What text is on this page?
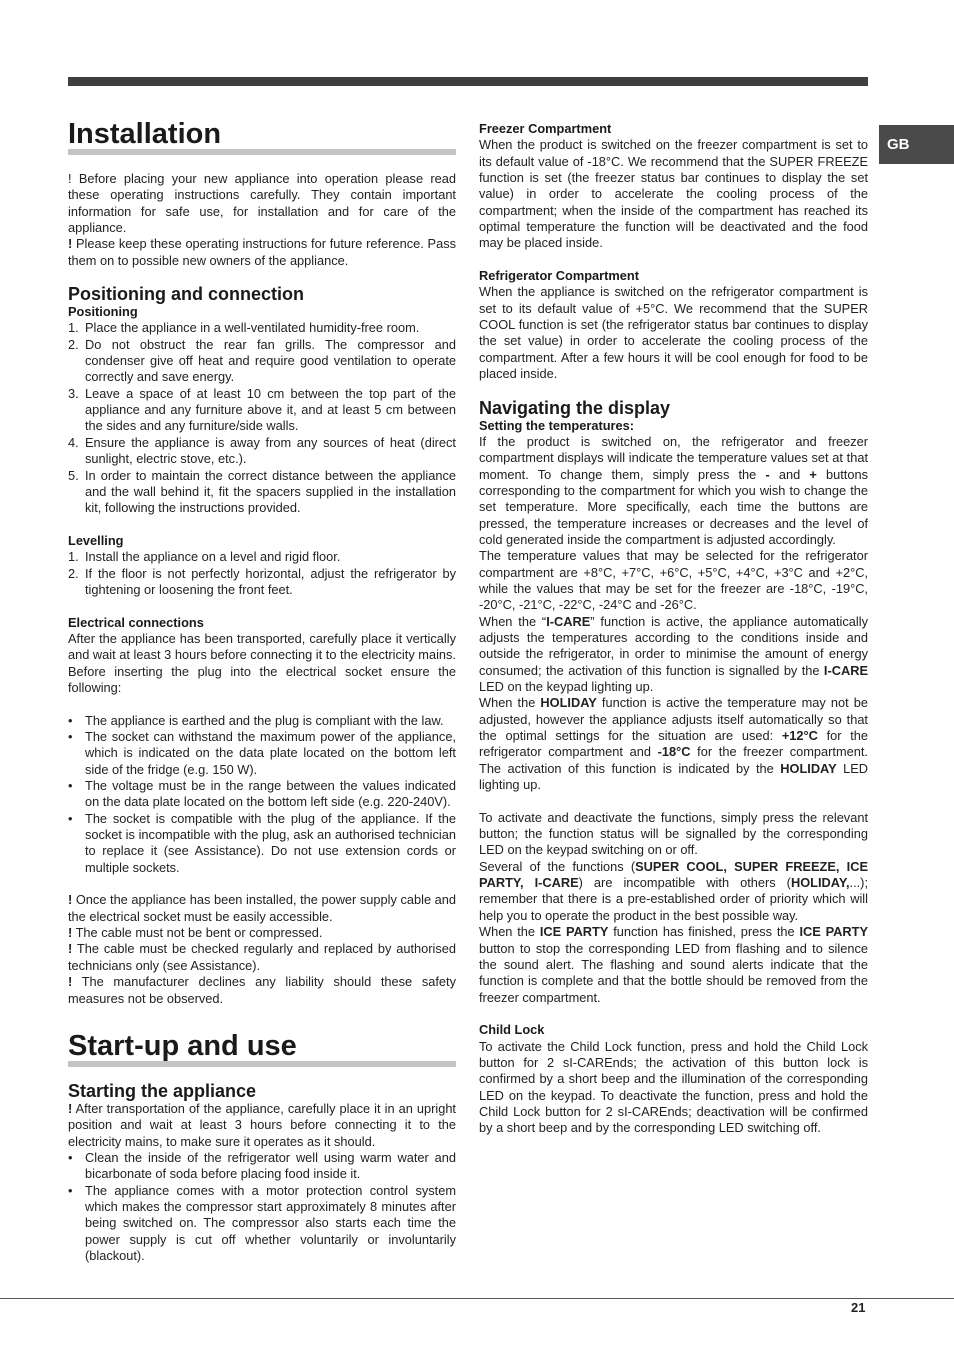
GB
Installation

! Before placing your new appliance into operation please read these operating instructions carefully. They contain important information for safe use, for installation and for care of the appliance.

! Please keep these operating instructions for future reference. Pass them on to possible new owners of the appliance.

Positioning and connection
Positioning
1. Place the appliance in a well-ventilated humidity-free room.
2. Do not obstruct the rear fan grills. The compressor and condenser give off heat and require good ventilation to operate correctly and save energy.
3. Leave a space of at least 10 cm between the top part of the appliance and any furniture above it, and at least 5 cm between the sides and any furniture/side walls.
4. Ensure the appliance is away from any sources of heat (direct sunlight, electric stove, etc.).
5. In order to maintain the correct distance between the appliance and the wall behind it, fit the spacers supplied in the installation kit, following the instructions provided.
Levelling
1. Install the appliance on a level and rigid floor.
2. If the floor is not perfectly horizontal, adjust the refrigerator by tightening or loosening the front feet.
Electrical connections

After the appliance has been transported, carefully place it vertically and wait at least 3 hours before connecting it to the electricity mains. Before inserting the plug into the electrical socket ensure the following:

• The appliance is earthed and the plug is compliant with the law.
• The socket can withstand the maximum power of the appliance, which is indicated on the data plate located on the bottom left side of the fridge (e.g. 150 W).
• The voltage must be in the range between the values indicated on the data plate located on the bottom left side (e.g. 220-240V).
• The socket is compatible with the plug of the appliance. If the socket is incompatible with the plug, ask an authorised technician to replace it (see Assistance). Do not use extension cords or multiple sockets.

! Once the appliance has been installed, the power supply cable and the electrical socket must be easily accessible.

! The cable must not be bent or compressed.

! The cable must be checked regularly and replaced by authorised technicians only (see Assistance).

! The manufacturer declines any liability should these safety measures not be observed.

Start-up and use
Starting the appliance

! After transportation of the appliance, carefully place it in an upright position and wait at least 3 hours before connecting it to the electricity mains, to make sure it operates as it should.

• Clean the inside of the refrigerator well using warm water and bicarbonate of soda before placing food inside it.
• The appliance comes with a motor protection control system which makes the compressor start approximately 8 minutes after being switched on. The compressor also starts each time the power supply is cut off whether voluntarily or involuntarily (blackout).
Freezer Compartment

When the product is switched on the freezer compartment is set to its default value of -18°C. We recommend that the SUPER FREEZE function is set (the freezer status bar continues to display the set value) in order to accelerate the cooling process of the compartment; when the inside of the compartment has reached its optimal temperature the function will be deactivated and the food may be placed inside.

Refrigerator Compartment

When the appliance is switched on the refrigerator compartment is set to its default value of +5°C. We recommend that the SUPER COOL function is set (the refrigerator status bar continues to display the set value) in order to accelerate the cooling process of the compartment. After a few hours it will be cool enough for food to be placed inside.

Navigating the display
Setting the temperatures:

If the product is switched on, the refrigerator and freezer compartment displays will indicate the temperature values set at that moment. To change them, simply press the - and + buttons corresponding to the compartment for which you wish to change the set temperature. More specifically, each time the buttons are pressed, the temperature increases or decreases and the level of cold generated inside the compartment is adjusted accordingly.

The temperature values that may be selected for the refrigerator compartment are +8°C, +7°C, +6°C, +5°C, +4°C, +3°C and +2°C, while the values that may be set for the freezer are -18°C, -19°C, -20°C, -21°C, -22°C, -24°C and -26°C.

When the “I-CARE” function is active, the appliance automatically adjusts the temperatures according to the conditions inside and outside the refrigerator, in order to minimise the amount of energy consumed; the activation of this function is signalled by the I-CARE LED on the keypad lighting up.

When the HOLIDAY function is active the temperature may not be adjusted, however the appliance adjusts itself automatically so that the optimal settings for the situation are used: +12°C for the refrigerator compartment and -18°C for the freezer compartment. The activation of this function is indicated by the HOLIDAY LED lighting up.

To activate and deactivate the functions, simply press the relevant button; the function status will be signalled by the corresponding LED on the keypad switching on or off.

Several of the functions (SUPER COOL, SUPER FREEZE, ICE PARTY, I-CARE) are incompatible with others (HOLIDAY,...); remember that there is a pre-established order of priority which will help you to operate the product in the best possible way.

When the ICE PARTY function has finished, press the ICE PARTY button to stop the corresponding LED from flashing and to silence the sound alert. The flashing and sound alerts indicate that the function is complete and that the bottle should be removed from the freezer compartment.

Child Lock

To activate the Child Lock function, press and hold the Child Lock button for 2 sI-CAREnds; the activation of this button lock is confirmed by a short beep and the illumination of the corresponding LED on the keypad. To deactivate the function, press and hold the Child Lock button for 2 sI-CAREnds; deactivation will be confirmed by a short beep and by the corresponding LED switching off.

21
